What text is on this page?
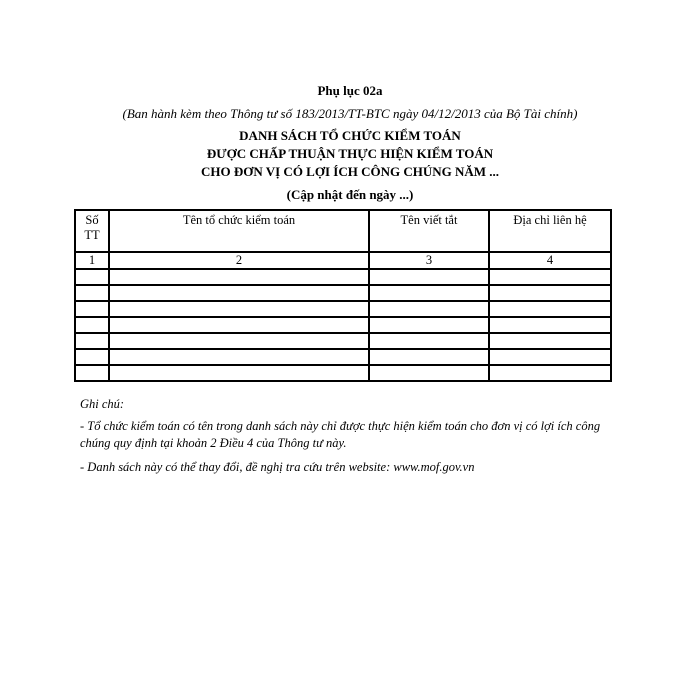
Phụ lục 02a
(Ban hành kèm theo Thông tư số 183/2013/TT-BTC ngày 04/12/2013 của Bộ Tài chính)
DANH SÁCH TỔ CHỨC KIỂM TOÁN
ĐƯỢC CHẤP THUẬN THỰC HIỆN KIỂM TOÁN
CHO ĐƠN VỊ CÓ LỢI ÍCH CÔNG CHÚNG NĂM ...
(Cập nhật đến ngày ...)
Số
TT	Tên tổ chức kiểm toán	Tên viết tắt	Địa chỉ liên hệ
1	2	3	4

Ghi chú:
- Tổ chức kiểm toán có tên trong danh sách này chỉ được thực hiện kiểm toán cho đơn vị có lợi ích công chúng quy định tại khoản 2 Điều 4 của Thông tư này.
- Danh sách này có thể thay đổi, đề nghị tra cứu trên website: www.mof.gov.vn
